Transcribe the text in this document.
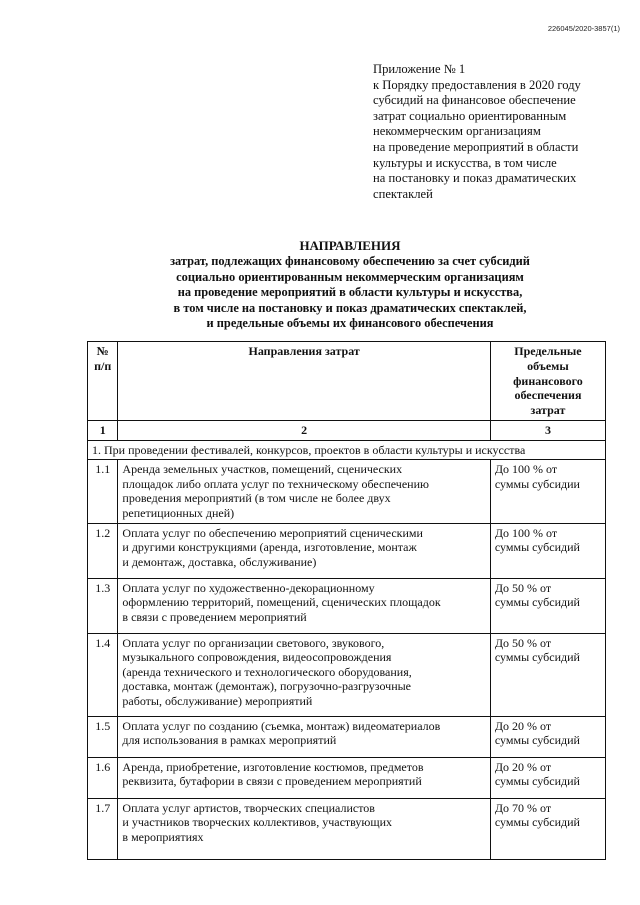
226045/2020-3857(1)
Приложение № 1
к Порядку предоставления в 2020 году
субсидий на финансовое обеспечение
затрат социально ориентированным
некоммерческим организациям
на проведение мероприятий в области
культуры и искусства, в том числе
на постановку и показ драматических
спектаклей
НАПРАВЛЕНИЯ
затрат, подлежащих финансовому обеспечению за счет субсидий
социально ориентированным некоммерческим организациям
на проведение мероприятий в области культуры и искусства,
в том числе на постановку и показ драматических спектаклей,
и предельные объемы их финансового обеспечения
№
п/п	Направления затрат	Предельные
объемы
финансового
обеспечения
затрат

1	2	3
1. При проведении фестивалей, конкурсов, проектов в области культуры и искусства		
1.1	Аренда земельных участков, помещений, сценических
площадок либо оплата услуг по техническому обеспечению
проведения мероприятий (в том числе не более двух
репетиционных дней)	До 100 % от
суммы субсидии

1.2	Оплата услуг по обеспечению мероприятий сценическими
и другими конструкциями (аренда, изготовление, монтаж
и демонтаж, доставка, обслуживание)	До 100 % от
суммы субсидий

1.3	Оплата услуг по художественно-декорационному
оформлению территорий, помещений, сценических площадок
в связи с проведением мероприятий	До 50 % от
суммы субсидий

1.4	Оплата услуг по организации светового, звукового,
музыкального сопровождения, видеосопровождения
(аренда технического и технологического оборудования,
доставка, монтаж (демонтаж), погрузочно-разгрузочные
работы, обслуживание) мероприятий	До 50 % от
суммы субсидий

1.5	Оплата услуг по созданию (съемка, монтаж) видеоматериалов
для использования в рамках мероприятий	До 20 % от
суммы субсидий

1.6	Аренда, приобретение, изготовление костюмов, предметов
реквизита, бутафории в связи с проведением мероприятий	До 20 % от
суммы субсидий

1.7	Оплата услуг артистов, творческих специалистов
и участников творческих коллективов, участвующих
в мероприятиях	До 70 % от
суммы субсидий
